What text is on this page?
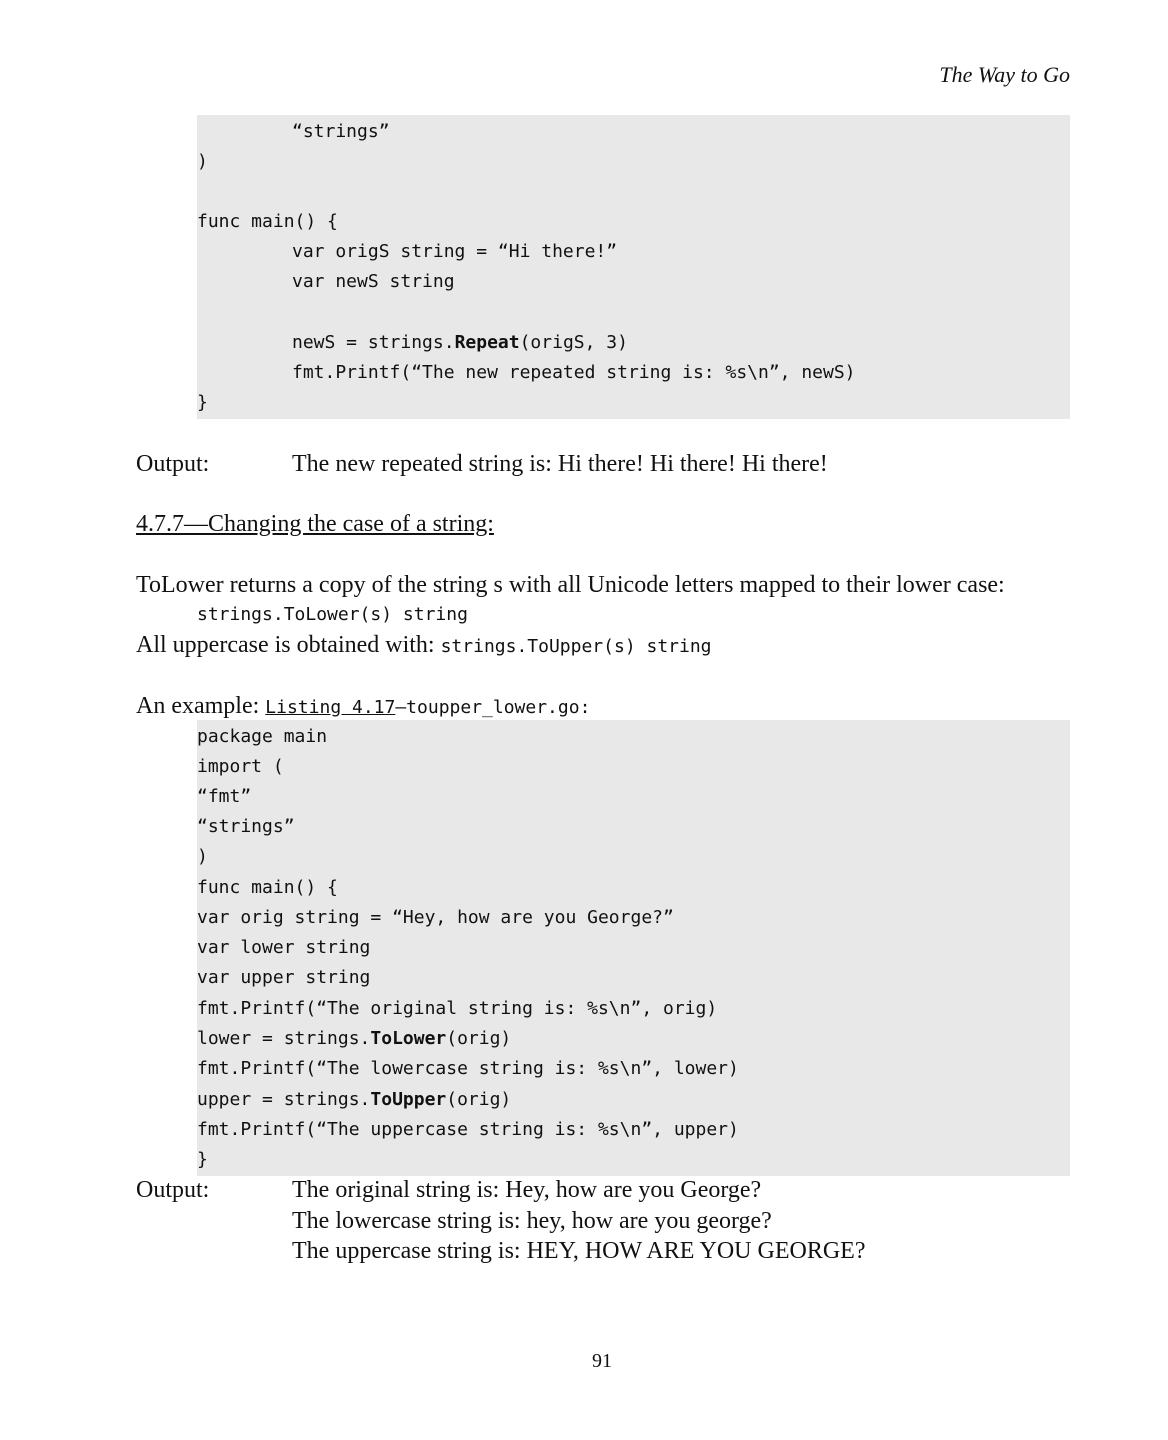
The Way to Go
“strings”
)
func main() {
var origS string = “Hi there!”
var newS string
newS = strings.Repeat(origS, 3)
fmt.Printf(“The new repeated string is: %s\n”, newS)
}
Output:	The new repeated string is: Hi there! Hi there! Hi there!
4.7.7—Changing the case of a string:
ToLower returns a copy of the string s with all Unicode letters mapped to their lower case:
strings.ToLower(s) string
All uppercase is obtained with: strings.ToUpper(s) string
An example: Listing 4.17—toupper_lower.go:
package main
import (
“fmt”
“strings”
)
func main() {
var orig string = “Hey, how are you George?”
var lower string
var upper string
fmt.Printf(“The original string is: %s\n”, orig)
lower = strings.ToLower(orig)
fmt.Printf(“The lowercase string is: %s\n”, lower)
upper = strings.ToUpper(orig)
fmt.Printf(“The uppercase string is: %s\n”, upper)
}
Output:	The original string is: Hey, how are you George?
The lowercase string is: hey, how are you george?
The uppercase string is: HEY, HOW ARE YOU GEORGE?
91
